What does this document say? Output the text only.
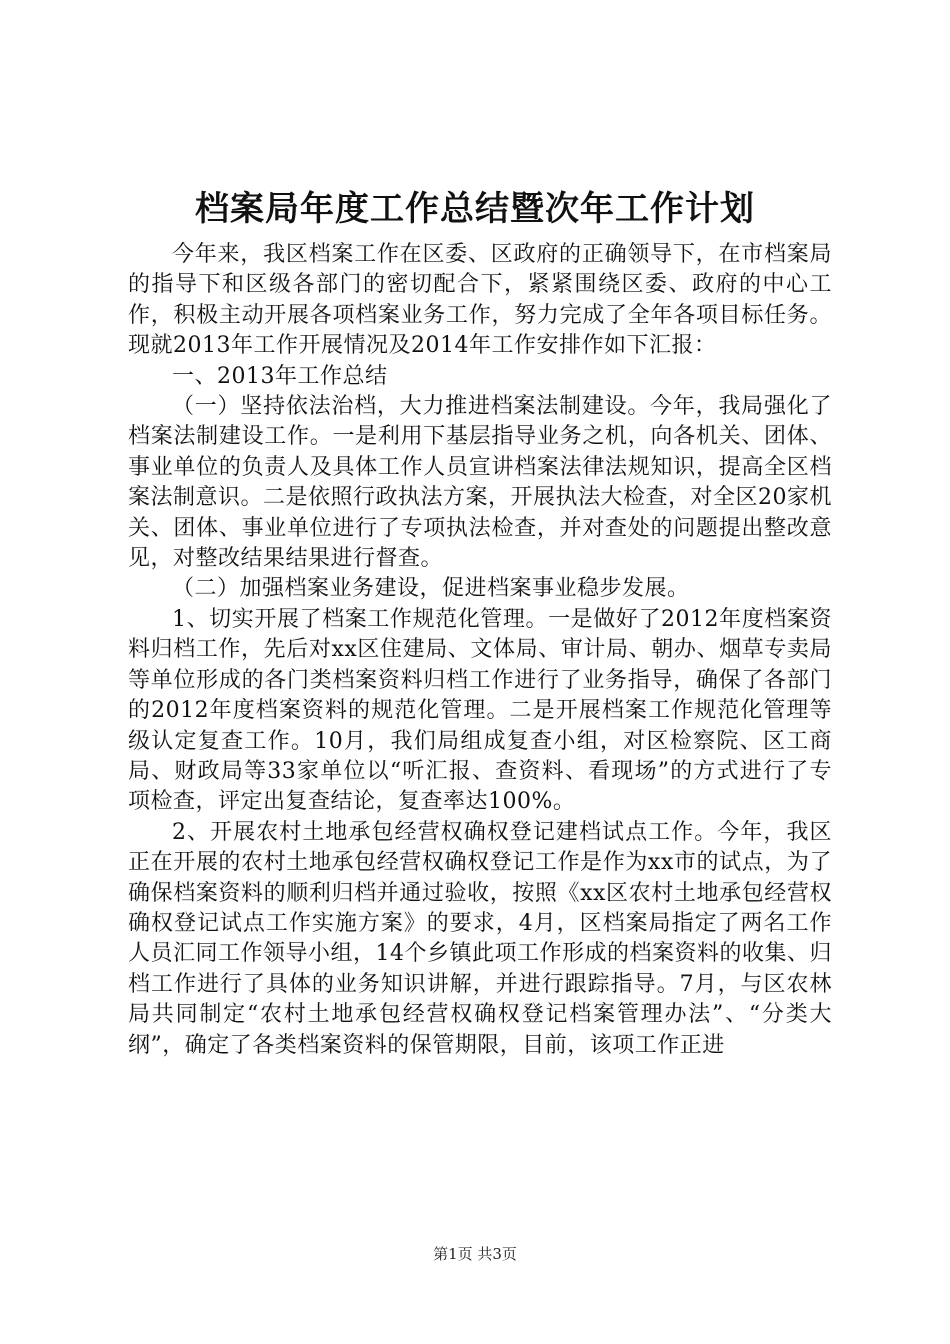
档案局年度工作总结暨次年工作计划

今年来，我区档案工作在区委、区政府的正确领导下，在市档案局的指导下和区级各部门的密切配合下，紧紧围绕区委、政府的中心工作，积极主动开展各项档案业务工作，努力完成了全年各项目标任务。现就2013年工作开展情况及2014年工作安排作如下汇报：

一、2013年工作总结

（一）坚持依法治档，大力推进档案法制建设。今年，我局强化了档案法制建设工作。一是利用下基层指导业务之机，向各机关、团体、事业单位的负责人及具体工作人员宣讲档案法律法规知识，提高全区档案法制意识。二是依照行政执法方案，开展执法大检查，对全区20家机关、团体、事业单位进行了专项执法检查，并对查处的问题提出整改意见，对整改结果结果进行督查。

（二）加强档案业务建设，促进档案事业稳步发展。

1、切实开展了档案工作规范化管理。一是做好了2012年度档案资料归档工作，先后对xx区住建局、文体局、审计局、朝办、烟草专卖局等单位形成的各门类档案资料归档工作进行了业务指导，确保了各部门的2012年度档案资料的规范化管理。二是开展档案工作规范化管理等级认定复查工作。10月，我们局组成复查小组，对区检察院、区工商局、财政局等33家单位以“听汇报、查资料、看现场”的方式进行了专项检查，评定出复查结论，复查率达100%。

2、开展农村土地承包经营权确权登记建档试点工作。今年，我区正在开展的农村土地承包经营权确权登记工作是作为xx市的试点，为了确保档案资料的顺利归档并通过验收，按照《xx区农村土地承包经营权确权登记试点工作实施方案》的要求，4月，区档案局指定了两名工作人员汇同工作领导小组，14个乡镇此项工作形成的档案资料的收集、归档工作进行了具体的业务知识讲解，并进行跟踪指导。7月，与区农林局共同制定“农村土地承包经营权确权登记档案管理办法”、“分类大纲”，确定了各类档案资料的保管期限，目前，该项工作正进

第1页 共3页
